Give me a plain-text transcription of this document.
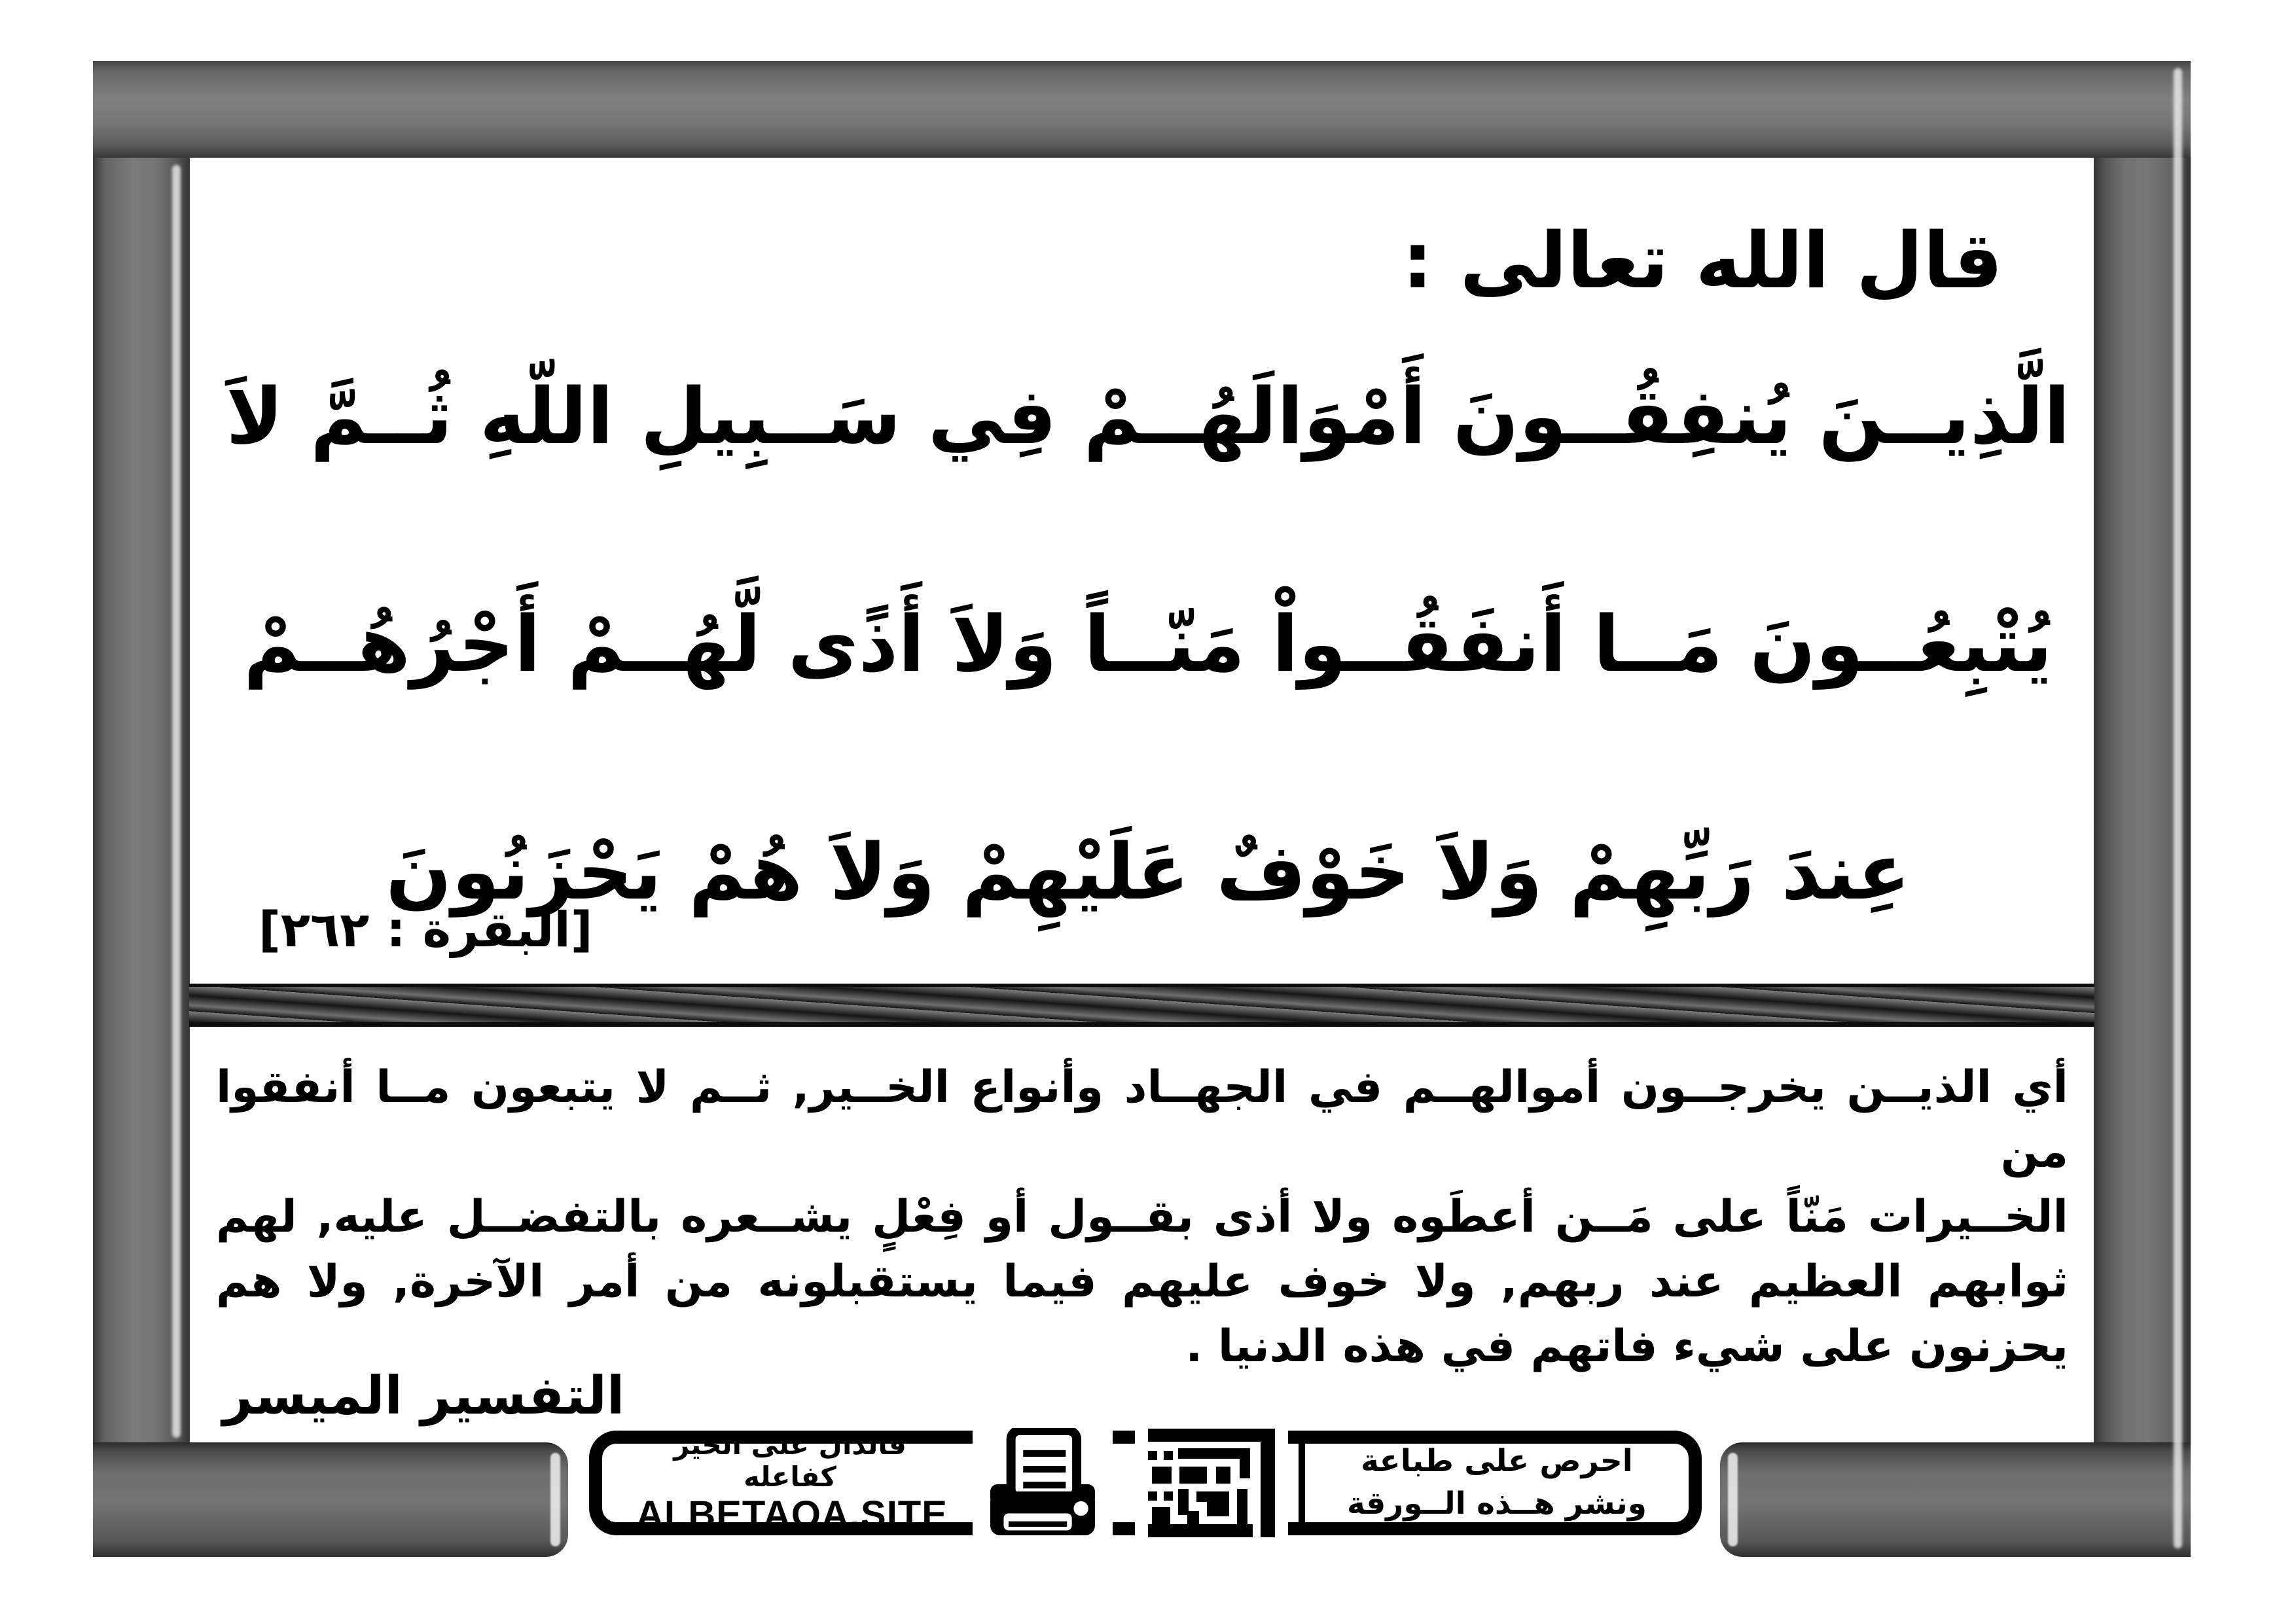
قال الله تعالى :
الَّذِيــنَ يُنفِقُــونَ أَمْوَالَهُــمْ فِي سَــبِيلِ اللّهِ ثُــمَّ لاَ
يُتْبِعُــونَ مَــا أَنفَقُــواْ مَنّــاً وَلاَ أَذًى لَّهُــمْ أَجْرُهُــمْ
عِندَ رَبِّهِمْ وَلاَ خَوْفٌ عَلَيْهِمْ وَلاَ هُمْ يَحْزَنُونَ
[البقرة : ٢٦٢]
أي الذيــن يخرجــون أموالهــم في الجهــاد وأنواع الخــير, ثــم لا يتبعون مــا أنفقوا من
الخــيرات مَنّاً على مَــن أعطَوه ولا أذى بقــول أو فِعْلٍ يشــعره بالتفضــل عليه, لهم
ثوابهم العظيم عند ربهم, ولا خوف عليهم فيما يستقبلونه من أمر الآخرة, ولا هم
يحزنون على شيء فاتهم في هذه الدنيا .
التفسير الميسر
فالدال على الخير كفاعله
ALBETAQA.SITE
احرص على طباعة
ونشر هــذه الــورقة
